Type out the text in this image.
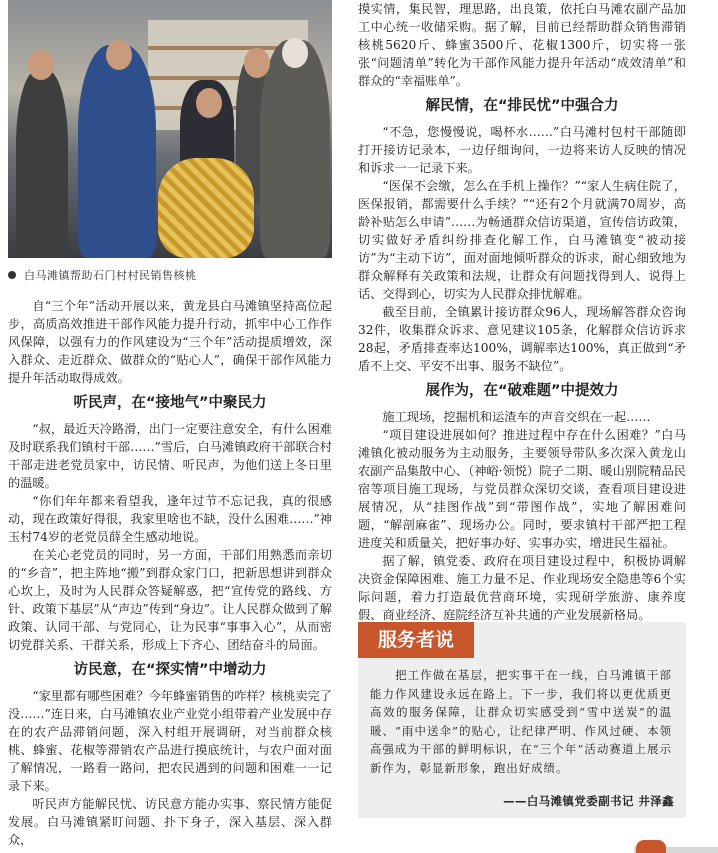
白马滩镇帮助石门村村民销售核桃

自“三个年”活动开展以来，黄龙县白马滩镇坚持高位起步，高质高效推进干部作风能力提升行动，抓牢中心工作作风保障，以强有力的作风建设为“三个年”活动提质增效，深入群众、走近群众、做群众的“贴心人”，确保干部作风能力提升年活动取得成效。

听民声，在“接地气”中聚民力

“叔，最近天冷路滑，出门一定要注意安全，有什么困难及时联系我们镇村干部……”雪后，白马滩镇政府干部联合村干部走进老党员家中，访民情、听民声，为他们送上冬日里的温暖。

“你们年年都来看望我，逢年过节不忘记我，真的很感动，现在政策好得很，我家里啥也不缺，没什么困难……”神玉村74岁的老党员薛全生感动地说。

在关心老党员的同时，另一方面，干部们用熟悉而亲切的“乡音”，把主阵地“搬”到群众家门口，把新思想讲到群众心坎上，及时为人民群众答疑解惑，把“宣传党的路线、方针、政策下基层”从“声边”传到“身边”。让人民群众做到了解政策、认同干部、与党同心，让为民事“事事入心”，从而密切党群关系、干群关系，形成上下齐心、团结奋斗的局面。

访民意，在“探实情”中增动力

“家里都有哪些困难？今年蜂蜜销售的咋样？核桃卖完了没……”连日来，白马滩镇农业产业党小组带着产业发展中存在的农产品滞销问题，深入村组开展调研，对当前群众核桃、蜂蜜、花椒等滞销农产品进行摸底统计，与农户面对面了解情况，一路看一路问，把农民遇到的问题和困难一一记录下来。

听民声方能解民忧、访民意方能办实事、察民情方能促发展。白马滩镇紧盯问题、扑下身子，深入基层、深入群众，

摸实情，集民智，理思路，出良策，依托白马滩农副产品加工中心统一收储采购。据了解，目前已经帮助群众销售滞销核桃5620斤、蜂蜜3500斤、花椒1300斤，切实将一张张“问题清单”转化为干部作风能力提升年活动“成效清单”和群众的“幸福账单”。

解民情，在“排民忧”中强合力

“不急，您慢慢说，喝杯水……”白马滩村包村干部随即打开接访记录本，一边仔细询问，一边将来访人反映的情况和诉求一一记录下来。

“医保不会缴，怎么在手机上操作？”“家人生病住院了，医保报销，都需要什么手续？”“还有2个月就满70周岁，高龄补贴怎么申请”……为畅通群众信访渠道，宣传信访政策，切实做好矛盾纠纷排查化解工作，白马滩镇变“被动接访”为“主动下访”，面对面地倾听群众的诉求，耐心细致地为群众解释有关政策和法规，让群众有问题找得到人、说得上话、交得到心，切实为人民群众排忧解难。

截至目前，全镇累计接访群众96人，现场解答群众咨询32件，收集群众诉求、意见建议105条，化解群众信访诉求28起，矛盾排查率达100%，调解率达100%，真正做到“矛盾不上交、平安不出事、服务不缺位”。

展作为，在“破难题”中提效力

施工现场，挖掘机和运渣车的声音交织在一起……

“项目建设进展如何？推进过程中存在什么困难？”白马滩镇化被动服务为主动服务，主要领导带队多次深入黄龙山农副产品集散中心、（神峪·领悦）院子二期、暖山别院精品民宿等项目施工现场，与党员群众深切交谈，查看项目建设进展情况，从“挂图作战”到“带图作战”，实地了解困难问题，“解剖麻雀”、现场办公。同时，要求镇村干部严把工程进度关和质量关，把好事办好、实事办实，增进民生福祉。

据了解，镇党委、政府在项目建设过程中，积极协调解决资金保障困难、施工力量不足、作业现场安全隐患等6个实际问题，着力打造最优营商环境，实现研学旅游、康养度假、商业经济、庭院经济互补共通的产业发展新格局。

服务者说
把工作做在基层，把实事干在一线，白马滩镇干部能力作风建设永远在路上。下一步，我们将以更优质更高效的服务保障，让群众切实感受到“雪中送炭”的温暖、“雨中送伞”的贴心，让纪律严明、作风过硬、本领高强成为干部的鲜明标识，在“三个年”活动赛道上展示新作为，彰显新形象，跑出好成绩。
——白马滩镇党委副书记 井泽鑫
